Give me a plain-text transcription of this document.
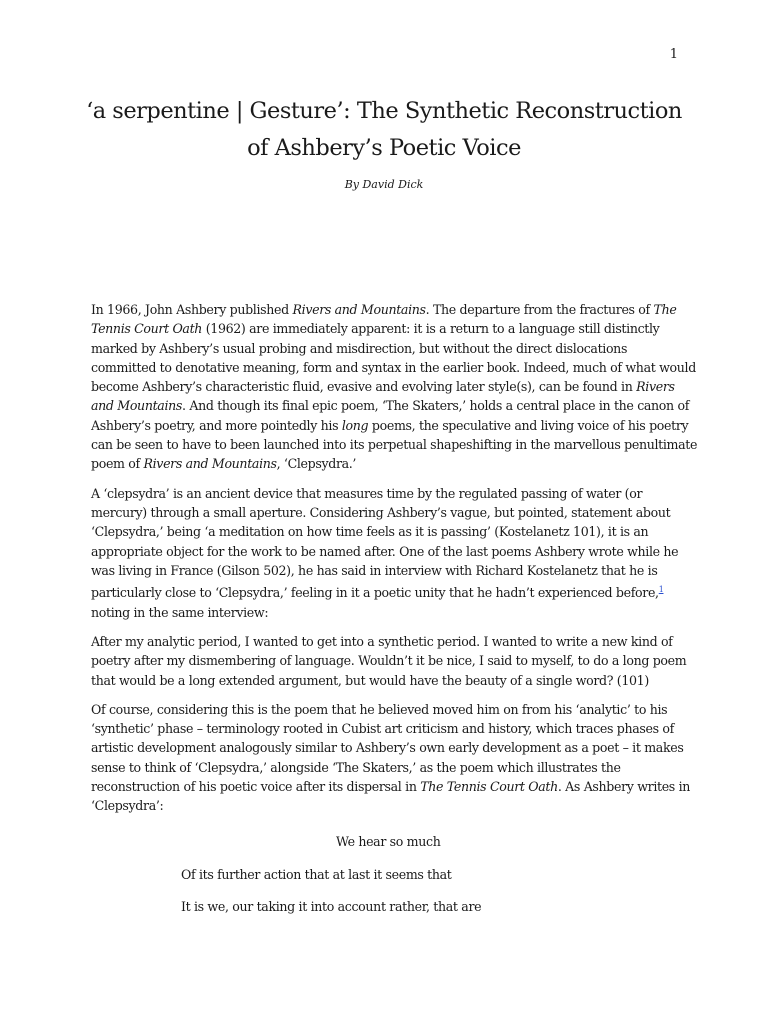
1
‘a serpentine | Gesture’: The Synthetic Reconstruction
of Ashbery’s Poetic Voice
By David Dick

In 1966, John Ashbery published Rivers and Mountains. The departure from the fractures of The
Tennis Court Oath (1962) are immediately apparent: it is a return to a language still distinctly
marked by Ashbery’s usual probing and misdirection, but without the direct dislocations
committed to denotative meaning, form and syntax in the earlier book. Indeed, much of what would
become Ashbery’s characteristic fluid, evasive and evolving later style(s), can be found in Rivers
and Mountains. And though its final epic poem, ‘The Skaters,’ holds a central place in the canon of
Ashbery’s poetry, and more pointedly his long poems, the speculative and living voice of his poetry
can be seen to have to been launched into its perpetual shapeshifting in the marvellous penultimate
poem of Rivers and Mountains, ‘Clepsydra.’

A ‘clepsydra’ is an ancient device that measures time by the regulated passing of water (or
mercury) through a small aperture. Considering Ashbery’s vague, but pointed, statement about
‘Clepsydra,’ being ‘a meditation on how time feels as it is passing’ (Kostelanetz 101), it is an
appropriate object for the work to be named after. One of the last poems Ashbery wrote while he
was living in France (Gilson 502), he has said in interview with Richard Kostelanetz that he is
particularly close to ‘Clepsydra,’ feeling in it a poetic unity that he hadn’t experienced before,$^1$
noting in the same interview:

After my analytic period, I wanted to get into a synthetic period. I wanted to write a new kind of
poetry after my dismembering of language. Wouldn’t it be nice, I said to myself, to do a long poem
that would be a long extended argument, but would have the beauty of a single word? (101)

Of course, considering this is the poem that he believed moved him on from his ‘analytic’ to his
‘synthetic’ phase – terminology rooted in Cubist art criticism and history, which traces phases of
artistic development analogously similar to Ashbery’s own early development as a poet – it makes
sense to think of ‘Clepsydra,’ alongside ‘The Skaters,’ as the poem which illustrates the
reconstruction of his poetic voice after its dispersal in The Tennis Court Oath. As Ashbery writes in
‘Clepsydra’:

We hear so much

Of its further action that at last it seems that

It is we, our taking it into account rather, that are
